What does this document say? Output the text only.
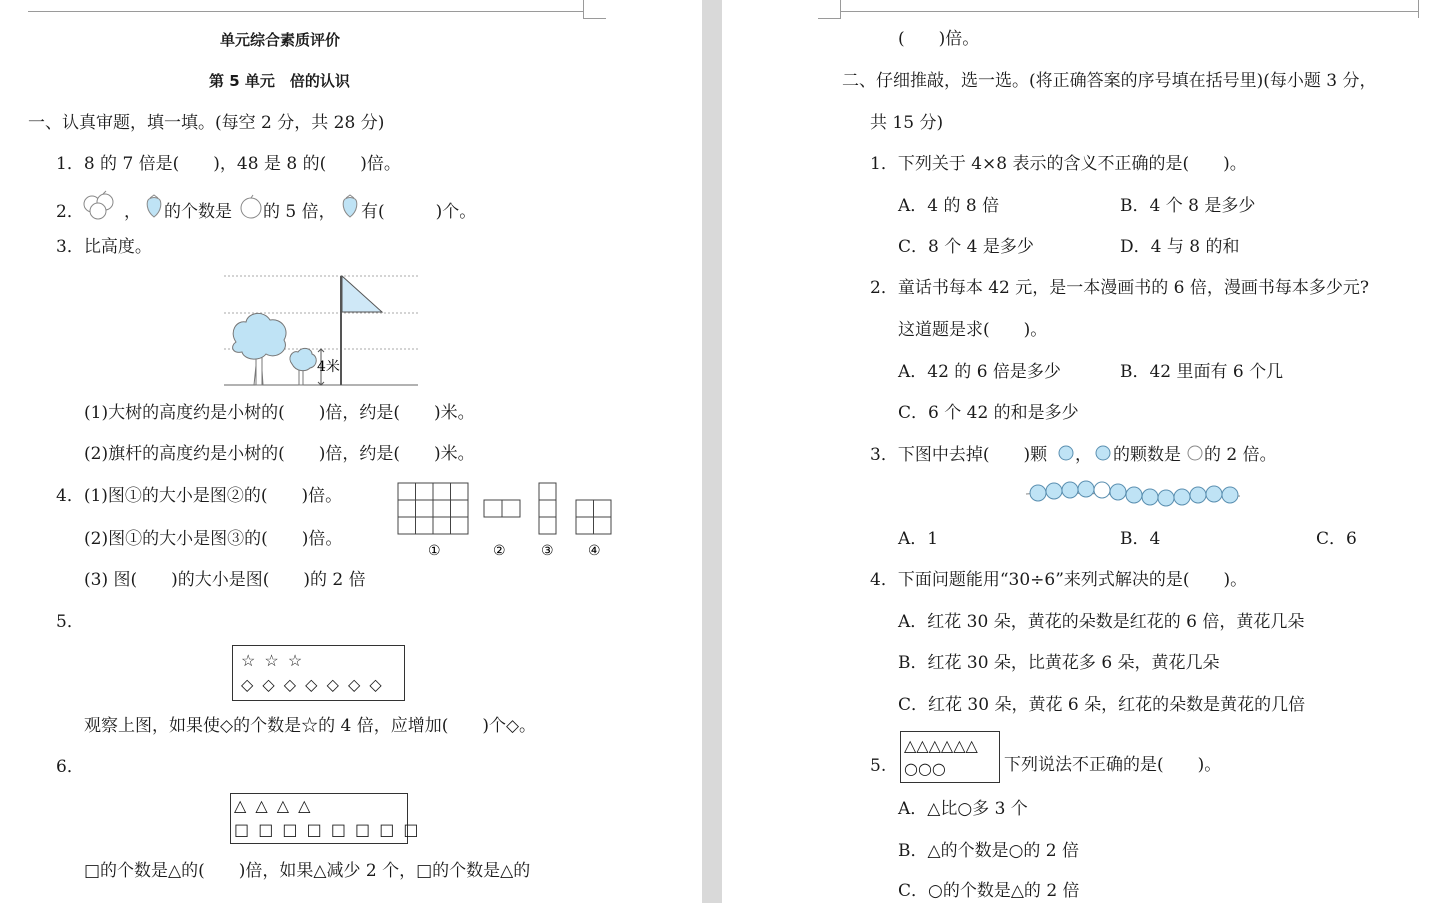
单元综合素质评价
第 5 单元　倍的认识
一、认真审题，填一填。(每空 2 分，共 28 分)
1．8 的 7 倍是(　　)，48 是 8 的(　　)倍。
2． ， 的个数是 的 5 倍， 有(　　　)个。
3．比高度。
4米
(1)大树的高度约是小树的(　　)倍，约是(　　)米。
(2)旗杆的高度约是小树的(　　)倍，约是(　　)米。
4．(1)图①的大小是图②的(　　)倍。
(2)图①的大小是图③的(　　)倍。
(3) 图(　　)的大小是图(　　)的 2 倍
①	②	③ ④
5．
☆ ☆ ☆
◇ ◇ ◇ ◇ ◇ ◇ ◇
观察上图，如果使◇的个数是☆的 4 倍，应增加(　　)个◇。
6．
△ △ △ △
□ □ □ □ □ □ □ □
□的个数是△的(　　)倍，如果△减少 2 个，□的个数是△的
(　　)倍。
二、仔细推敲，选一选。(将正确答案的序号填在括号里)(每小题 3 分，
共 15 分)
1．下列关于 4×8 表示的含义不正确的是(　　)。
A．4 的 8 倍	B．4 个 8 是多少
C．8 个 4 是多少	D．4 与 8 的和
2．童话书每本 42 元，是一本漫画书的 6 倍，漫画书每本多少元?
这道题是求(　　)。
A．42 的 6 倍是多少	B．42 里面有 6 个几
C．6 个 42 的和是多少
3．下图中去掉(　　)颗 ， 的颗数是 的 2 倍。
A．1	B．4	C．6
4．下面问题能用“30÷6”来列式解决的是(　　)。
A．红花 30 朵，黄花的朵数是红花的 6 倍，黄花几朵
B．红花 30 朵，比黄花多 6 朵，黄花几朵
C．红花 30 朵，黄花 6 朵，红花的朵数是黄花的几倍
5.
△△△△△△
○○○	下列说法不正确的是(　　)。
A．△比○多 3 个
B．△的个数是○的 2 倍
C．○的个数是△的 2 倍
